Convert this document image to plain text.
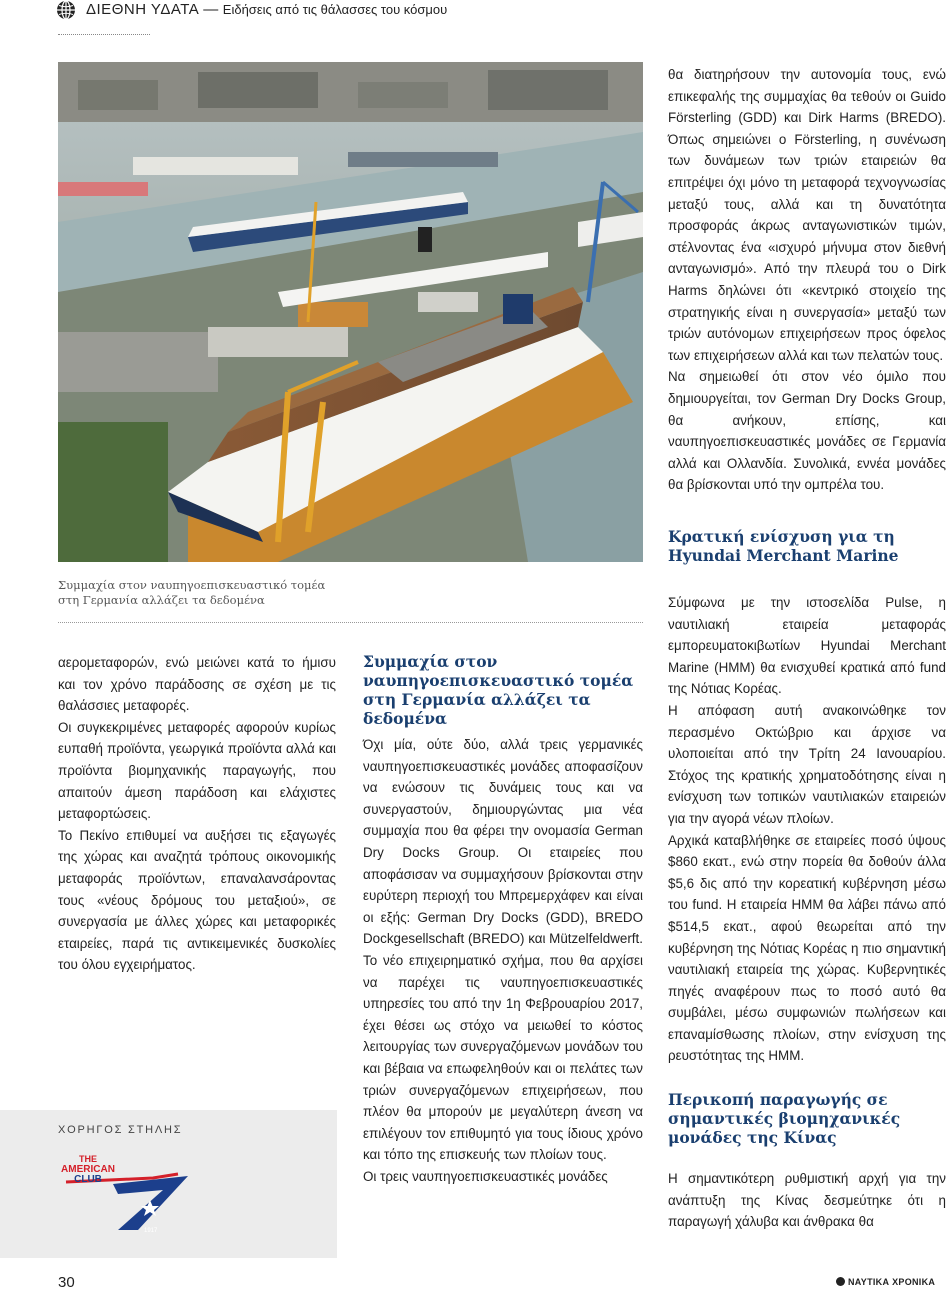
ΔΙΕΘΝΗ ΥΔΑΤΑ — Ειδήσεις από τις θάλασσες του κόσμου
Συμμαχία στον ναυπηγοεπισκευαστικό τομέα
στη Γερμανία αλλάζει τα δεδομένα

αερομεταφορών, ενώ μειώνει κατά το ήμισυ και τον χρόνο παράδοσης σε σχέση με τις θαλάσσιες μεταφορές.

Οι συγκεκριμένες μεταφορές αφορούν κυρίως ευπαθή προϊόντα, γεωργικά προϊόντα αλλά και προϊόντα βιομηχανικής παραγωγής, που απαιτούν άμεση παράδοση και ελάχιστες μεταφορτώσεις.

Το Πεκίνο επιθυμεί να αυξήσει τις εξαγωγές της χώρας και αναζητά τρόπους οικονομικής μεταφοράς προϊόντων, επαναλανσάροντας τους «νέους δρόμους του μεταξιού», σε συνεργασία με άλλες χώρες και μεταφορικές εταιρείες, παρά τις αντικειμενικές δυσκολίες του όλου εγχειρήματος.

Συμμαχία στον ναυπηγοεπισκευαστικό τομέα στη Γερμανία αλλάζει τα δεδομένα

Όχι μία, ούτε δύο, αλλά τρεις γερμανικές ναυπηγοεπισκευαστικές μονάδες αποφασίζουν να ενώσουν τις δυνάμεις τους και να συνεργαστούν, δημιουργώντας μια νέα συμμαχία που θα φέρει την ονομασία German Dry Docks Group. Οι εταιρείες που αποφάσισαν να συμμαχήσουν βρίσκονται στην ευρύτερη περιοχή του Μπρεμερχάφεν και είναι οι εξής: German Dry Docks (GDD), BREDO Dockgesellschaft (BREDO) και Mützelfeldwerft.

Το νέο επιχειρηματικό σχήμα, που θα αρχίσει να παρέχει τις ναυπηγοεπισκευαστικές υπηρεσίες του από την 1η Φεβρουαρίου 2017, έχει θέσει ως στόχο να μειωθεί το κόστος λειτουργίας των συνεργαζόμενων μονάδων του και βέβαια να επωφεληθούν και οι πελάτες των τριών συνεργαζόμενων επιχειρήσεων, που πλέον θα μπορούν με μεγαλύτερη άνεση να επιλέγουν τον επιθυμητό για τους ίδιους χρόνο και τόπο της επισκευής των πλοίων τους.

Οι τρεις ναυπηγοεπισκευαστικές μονάδες

θα διατηρήσουν την αυτονομία τους, ενώ επικεφαλής της συμμαχίας θα τεθούν οι Guido Försterling (GDD) και Dirk Harms (BREDO). Όπως σημειώνει ο Försterling, η συνένωση των δυνάμεων των τριών εταιρειών θα επιτρέψει όχι μόνο τη μεταφορά τεχνογνωσίας μεταξύ τους, αλλά και τη δυνατότητα προσφοράς άκρως ανταγωνιστικών τιμών, στέλνοντας ένα «ισχυρό μήνυμα στον διεθνή ανταγωνισμό». Από την πλευρά του ο Dirk Harms δηλώνει ότι «κεντρικό στοιχείο της στρατηγικής είναι η συνεργασία» μεταξύ των τριών αυτόνομων επιχειρήσεων προς όφελος των επιχειρήσεων αλλά και των πελατών τους.

Να σημειωθεί ότι στον νέο όμιλο που δημιουργείται, τον German Dry Docks Group, θα ανήκουν, επίσης, και ναυπηγοεπισκευαστικές μονάδες σε Γερμανία αλλά και Ολλανδία. Συνολικά, εννέα μονάδες θα βρίσκονται υπό την ομπρέλα του.

Κρατική ενίσχυση για τη Hyundai Merchant Marine

Σύμφωνα με την ιστοσελίδα Pulse, η ναυτιλιακή εταιρεία μεταφοράς εμπορευματοκιβωτίων Hyundai Merchant Marine (HMM) θα ενισχυθεί κρατικά από fund της Νότιας Κορέας.

Η απόφαση αυτή ανακοινώθηκε τον περασμένο Οκτώβριο και άρχισε να υλοποιείται από την Τρίτη 24 Ιανουαρίου. Στόχος της κρατικής χρηματοδότησης είναι η ενίσχυση των τοπικών ναυτιλιακών εταιρειών για την αγορά νέων πλοίων.

Αρχικά καταβλήθηκε σε εταιρείες ποσό ύψους $860 εκατ., ενώ στην πορεία θα δοθούν άλλα $5,6 δις από την κορεατική κυβέρνηση μέσω του fund. Η εταιρεία HMM θα λάβει πάνω από $514,5 εκατ., αφού θεωρείται από την κυβέρνηση της Νότιας Κορέας η πιο σημαντική ναυτιλιακή εταιρεία της χώρας. Κυβερνητικές πηγές αναφέρουν πως το ποσό αυτό θα συμβάλει, μέσω συμφωνιών πωλήσεων και επαναμίσθωσης πλοίων, στην ενίσχυση της ρευστότητας της HMM.

Περικοπή παραγωγής σε σημαντικές βιομηχανικές μονάδες της Κίνας

Η σημαντικότερη ρυθμιστική αρχή για την ανάπτυξη της Κίνας δεσμεύτηκε ότι η παραγωγή χάλυβα και άνθρακα θα

ΧΟΡΗΓΟΣ ΣΤΗΛΗΣ
THE
AMERICAN
CLUB
1917
30	ΝΑΥΤΙΚΑ ΧΡΟΝΙΚΑ
